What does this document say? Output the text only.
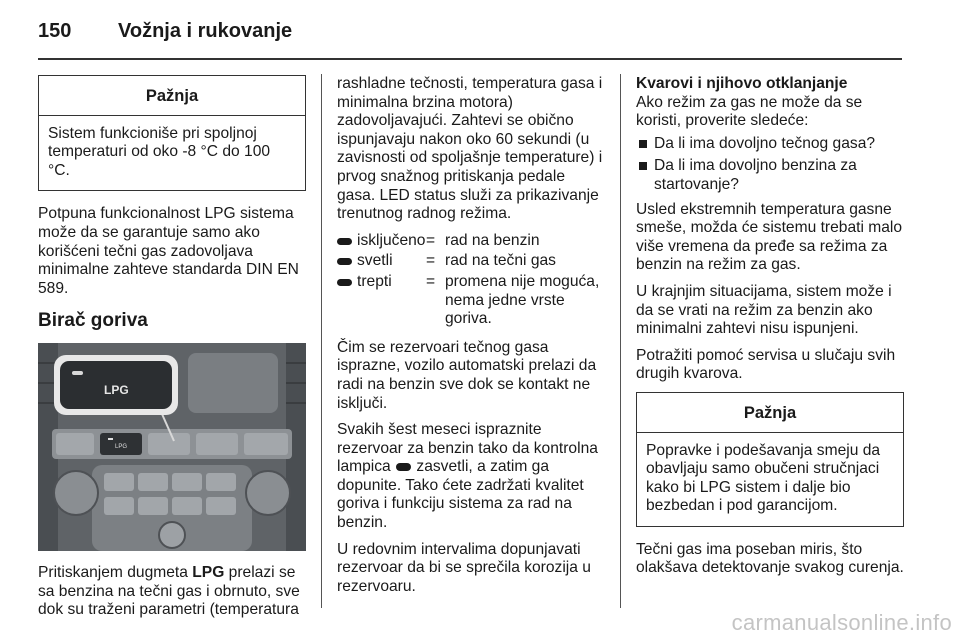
150 Vožnja i rukovanje
Pažnja
Sistem funkcioniše pri spoljnoj temperaturi od oko -8 °C do 100 °C.

Potpuna funkcionalnost LPG sistema može da se garantuje samo ako korišćeni tečni gas zadovoljava minimalne zahteve standarda DIN EN 589.

Birač goriva
LPG
LPG

Pritiskanjem dugmeta LPG prelazi se sa benzina na tečni gas i obrnuto, sve dok su traženi parametri (temperatura

rashladne tečnosti, temperatura gasa i minimalna brzina motora) zadovoljavajući. Zahtevi se obično ispunjavaju nakon oko 60 sekundi (u zavisnosti od spoljašnje temperature) i prvog snažnog pritiskanja pedale gasa. LED status služi za prikazivanje trenutnog radnog režima.

isključeno = rad na benzin
svetli	= rad na tečni gas
trepti	= promena nije moguća, nema jedne vrste goriva.

Čim se rezervoari tečnog gasa isprazne, vozilo automatski prelazi da radi na benzin sve dok se kontakt ne isključi.

Svakih šest meseci ispraznite rezervoar za benzin tako da kontrolna lampica  zasvetli, a zatim ga dopunite. Tako ćete zadržati kvalitet goriva i funkciju sistema za rad na benzin.

U redovnim intervalima dopunjavati rezervoar da bi se sprečila korozija u rezervoaru.

Kvarovi i njihovo otklanjanje

Ako režim za gas ne može da se koristi, proverite sledeće:

Da li ima dovoljno tečnog gasa?
Da li ima dovoljno benzina za startovanje?

Usled ekstremnih temperatura gasne smeše, možda će sistemu trebati malo više vremena da pređe sa režima za benzin na režim za gas.

U krajnjim situacijama, sistem može i da se vrati na režim za benzin ako minimalni zahtevi nisu ispunjeni.

Potražiti pomoć servisa u slučaju svih drugih kvarova.

Pažnja
Popravke i podešavanja smeju da obavljaju samo obučeni stručnjaci kako bi LPG sistem i dalje bio bezbedan i pod garancijom.

Tečni gas ima poseban miris, što olakšava detektovanje svakog curenja.

carmanualsonline.info
